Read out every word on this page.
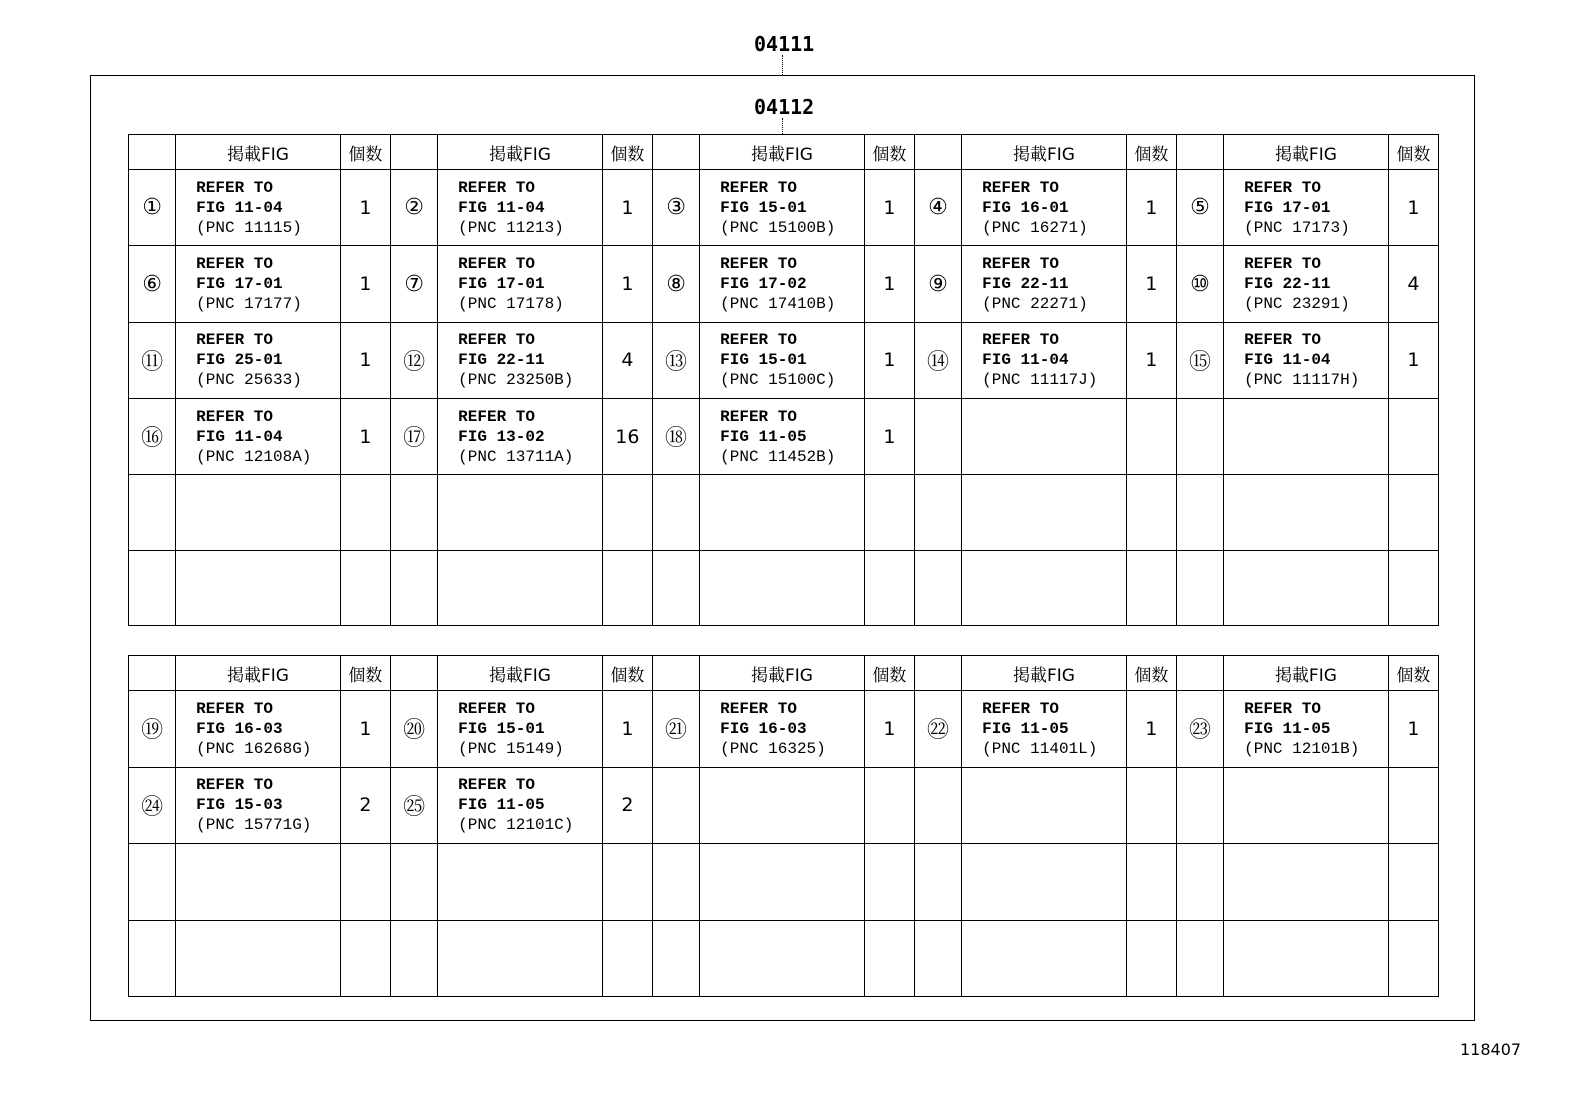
04111
04112
	掲載FIG	個数		掲載FIG	個数		掲載FIG	個数		掲載FIG	個数		掲載FIG	個数
①	REFER TO
FIG 11-04
(PNC 11115)	1	②	REFER TO
FIG 11-04
(PNC 11213)	1	③	REFER TO
FIG 15-01
(PNC 15100B)	1	④	REFER TO
FIG 16-01
(PNC 16271)	1	⑤	REFER TO
FIG 17-01
(PNC 17173)	1
⑥	REFER TO
FIG 17-01
(PNC 17177)	1	⑦	REFER TO
FIG 17-01
(PNC 17178)	1	⑧	REFER TO
FIG 17-02
(PNC 17410B)	1	⑨	REFER TO
FIG 22-11
(PNC 22271)	1	⑩	REFER TO
FIG 22-11
(PNC 23291)	4
⑪	REFER TO
FIG 25-01
(PNC 25633)	1	⑫	REFER TO
FIG 22-11
(PNC 23250B)	4	⑬	REFER TO
FIG 15-01
(PNC 15100C)	1	⑭	REFER TO
FIG 11-04
(PNC 11117J)	1	⑮	REFER TO
FIG 11-04
(PNC 11117H)	1
⑯	REFER TO
FIG 11-04
(PNC 12108A)	1	⑰	REFER TO
FIG 13-02
(PNC 13711A)	16	⑱	REFER TO
FIG 11-05
(PNC 11452B)	1		

	掲載FIG	個数		掲載FIG	個数		掲載FIG	個数		掲載FIG	個数		掲載FIG	個数
⑲	REFER TO
FIG 16-03
(PNC 16268G)	1	⑳	REFER TO
FIG 15-01
(PNC 15149)	1	㉑	REFER TO
FIG 16-03
(PNC 16325)	1	㉒	REFER TO
FIG 11-05
(PNC 11401L)	1	㉓	REFER TO
FIG 11-05
(PNC 12101B)	1
㉔	REFER TO
FIG 15-03
(PNC 15771G)	2	㉕	REFER TO
FIG 11-05
(PNC 12101C)	2		

118407
